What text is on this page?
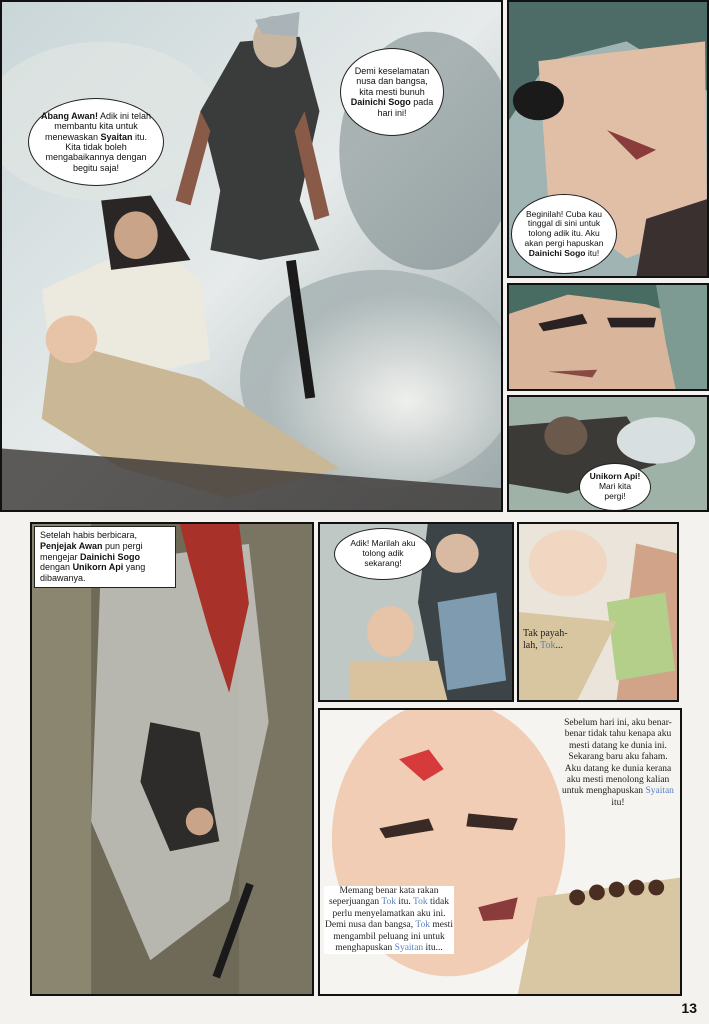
Abang Awan! Adik ini telah membantu kita untuk menewaskan Syaitan itu. Kita tidak boleh mengabaikannya dengan begitu saja!
Demi keselamatan nusa dan bangsa, kita mesti bunuh Dainichi Sogo pada hari ini!
Beginilah! Cuba kau tinggal di sini untuk tolong adik itu. Aku akan pergi hapuskan Dainichi Sogo itu!
Unikorn Api! Mari kita pergi!
Setelah habis berbicara, Penjejak Awan pun pergi mengejar Dainichi Sogo dengan Unikorn Api yang dibawanya.
Adik! Marilah aku tolong adik sekarang!
Tak payah-lah, Tok...
Sebelum hari ini, aku benar-benar tidak tahu kenapa aku mesti datang ke dunia ini. Sekarang baru aku faham. Aku datang ke dunia kerana aku mesti menolong kalian untuk menghapuskan Syaitan itu!
Memang benar kata rakan seperjuangan Tok itu. Tok tidak perlu menyelamatkan aku ini. Demi nusa dan bangsa, Tok mesti mengambil peluang ini untuk menghapuskan Syaitan itu...
13
